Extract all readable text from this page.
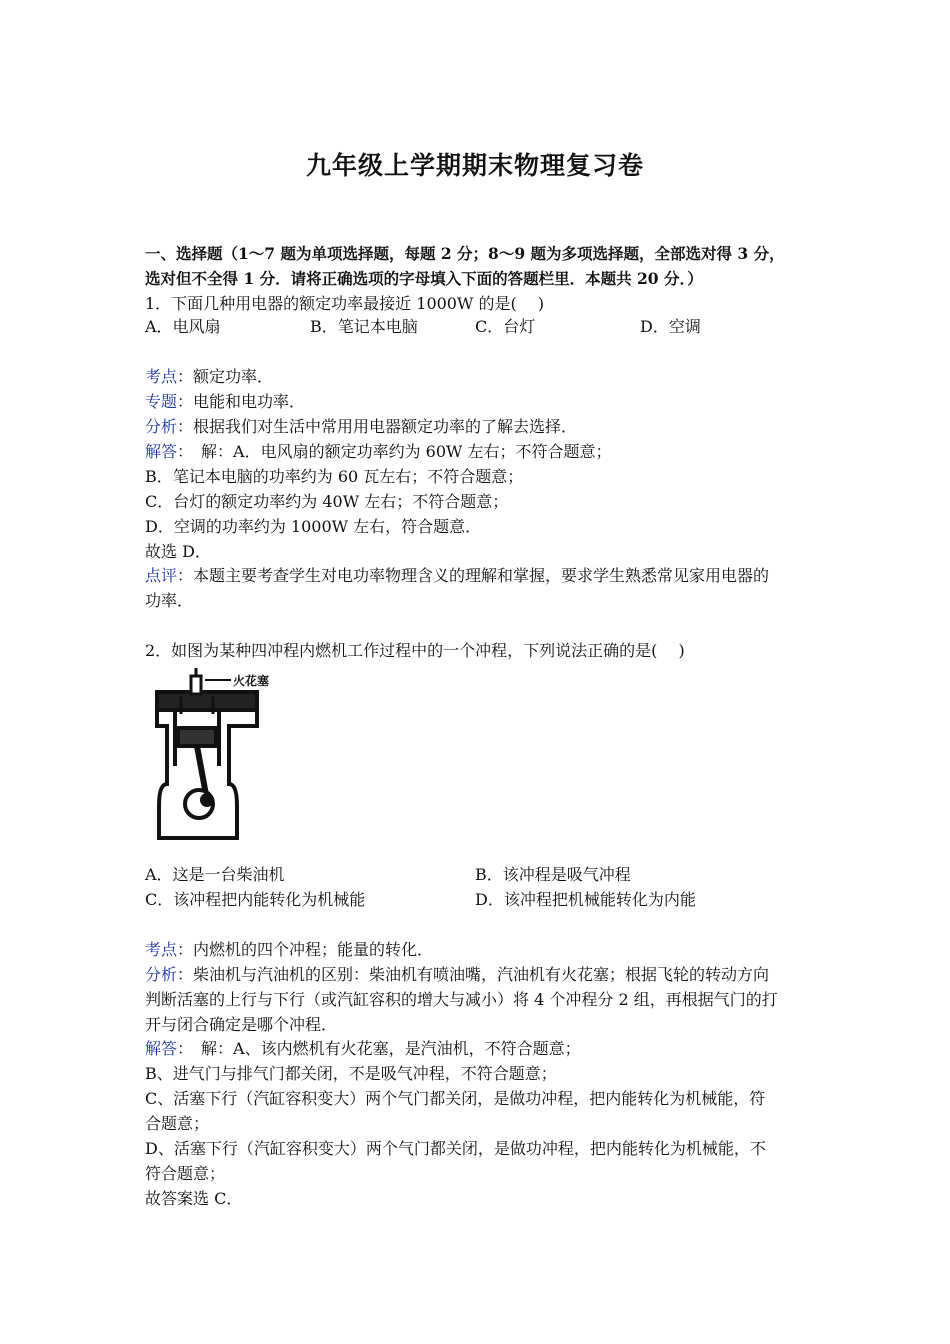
九年级上学期期末物理复习卷
一、选择题（1～7 题为单项选择题，每题 2 分；8～9 题为多项选择题，全部选对得 3 分，
选对但不全得 1 分．请将正确选项的字母填入下面的答题栏里．本题共 20 分．）
1．下面几种用电器的额定功率最接近 1000W 的是(　 )
A．电风扇	B．笔记本电脑	C．台灯	D．空调
考点：额定功率．
专题：电能和电功率．
分析：根据我们对生活中常用用电器额定功率的了解去选择．
解答：　解：A．电风扇的额定功率约为 60W 左右；不符合题意；
B．笔记本电脑的功率约为 60 瓦左右；不符合题意；
C．台灯的额定功率约为 40W 左右；不符合题意；
D．空调的功率约为 1000W 左右，符合题意．
故选 D．
点评：本题主要考查学生对电功率物理含义的理解和掌握，要求学生熟悉常见家用电器的
功率．
2．如图为某种四冲程内燃机工作过程中的一个冲程，下列说法正确的是(　 )
火花塞
A．这是一台柴油机	B．该冲程是吸气冲程
C．该冲程把内能转化为机械能	D．该冲程把机械能转化为内能
考点：内燃机的四个冲程；能量的转化．
分析：柴油机与汽油机的区别：柴油机有喷油嘴，汽油机有火花塞；根据飞轮的转动方向
判断活塞的上行与下行（或汽缸容积的增大与减小）将 4 个冲程分 2 组，再根据气门的打
开与闭合确定是哪个冲程．
解答：　解：A、该内燃机有火花塞，是汽油机，不符合题意；
B、进气门与排气门都关闭，不是吸气冲程，不符合题意；
C、活塞下行（汽缸容积变大）两个气门都关闭，是做功冲程，把内能转化为机械能，符
合题意；
D、活塞下行（汽缸容积变大）两个气门都关闭，是做功冲程，把内能转化为机械能，不
符合题意；
故答案选 C．
